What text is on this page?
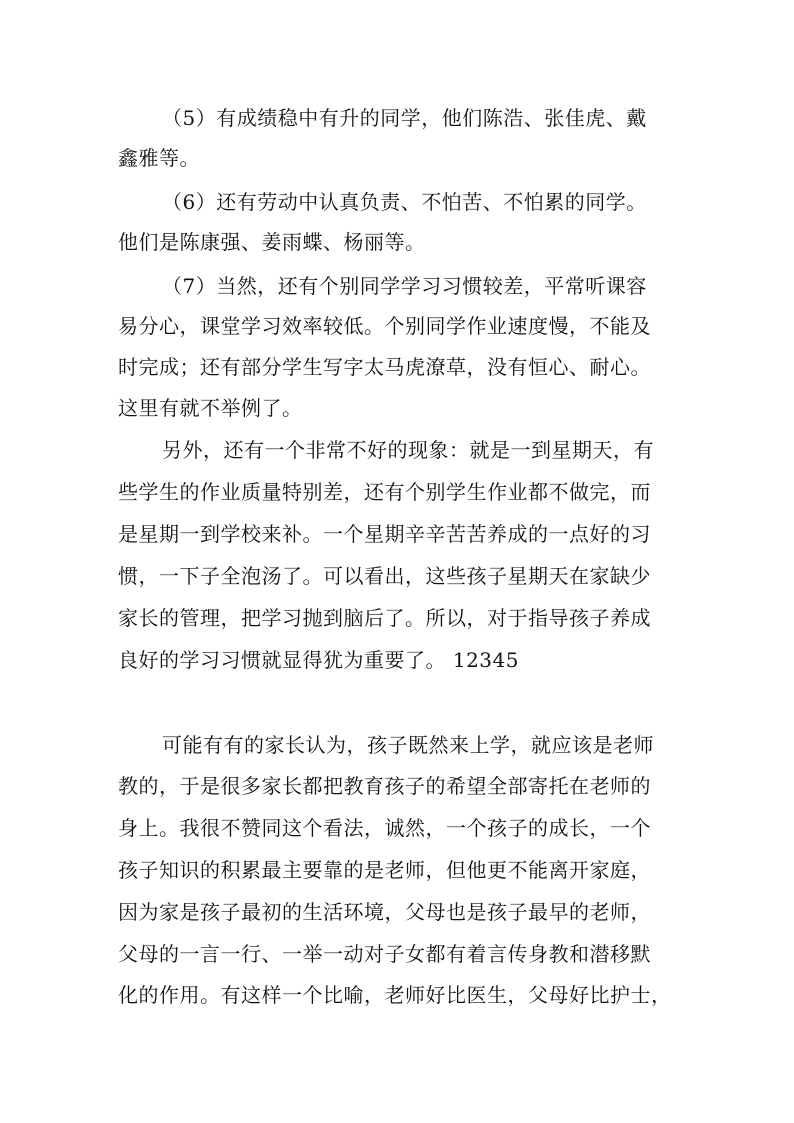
（5）有成绩稳中有升的同学，他们陈浩、张佳虎、戴
鑫雅等。
（6）还有劳动中认真负责、不怕苦、不怕累的同学。
他们是陈康强、姜雨蝶、杨丽等。
（7）当然，还有个别同学学习习惯较差，平常听课容
易分心，课堂学习效率较低。个别同学作业速度慢，不能及
时完成；还有部分学生写字太马虎潦草，没有恒心、耐心。
这里有就不举例了。
另外，还有一个非常不好的现象：就是一到星期天，有
些学生的作业质量特别差，还有个别学生作业都不做完，而
是星期一到学校来补。一个星期辛辛苦苦养成的一点好的习
惯，一下子全泡汤了。可以看出，这些孩子星期天在家缺少
家长的管理，把学习抛到脑后了。所以，对于指导孩子养成
良好的学习习惯就显得犹为重要了。 12345
可能有有的家长认为，孩子既然来上学，就应该是老师
教的，于是很多家长都把教育孩子的希望全部寄托在老师的
身上。我很不赞同这个看法，诚然，一个孩子的成长，一个
孩子知识的积累最主要靠的是老师，但他更不能离开家庭，
因为家是孩子最初的生活环境，父母也是孩子最早的老师，
父母的一言一行、一举一动对子女都有着言传身教和潜移默
化的作用。有这样一个比喻，老师好比医生，父母好比护士，
